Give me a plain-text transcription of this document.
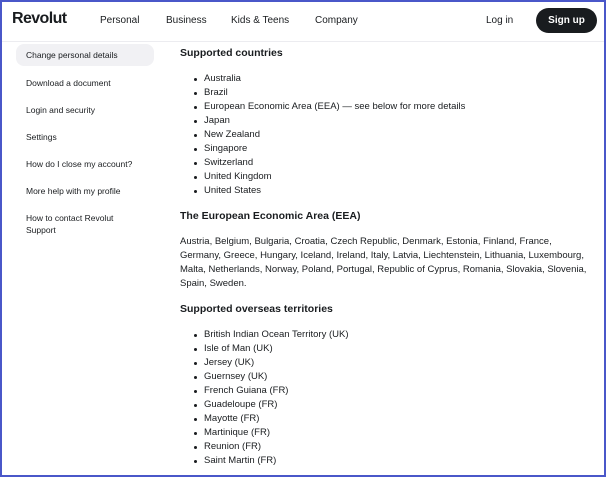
Revolut	Personal	Business Kids & Teens	Company	Log in	Sign up
Change personal details
Download a document
Login and security
Settings
How do I close my account?
More help with my profile
How to contact Revolut Support
Supported countries
Australia
Brazil
European Economic Area (EEA) — see below for more details
Japan
New Zealand
Singapore
Switzerland
United Kingdom
United States
The European Economic Area (EEA)

Austria, Belgium, Bulgaria, Croatia, Czech Republic, Denmark, Estonia, Finland, France, Germany, Greece, Hungary, Iceland, Ireland, Italy, Latvia, Liechtenstein, Lithuania, Luxembourg, Malta, Netherlands, Norway, Poland, Portugal, Republic of Cyprus, Romania, Slovakia, Slovenia, Spain, Sweden.

Supported overseas territories
British Indian Ocean Territory (UK)
Isle of Man (UK)
Jersey (UK)
Guernsey (UK)
French Guiana (FR)
Guadeloupe (FR)
Mayotte (FR)
Martinique (FR)
Reunion (FR)
Saint Martin (FR)
